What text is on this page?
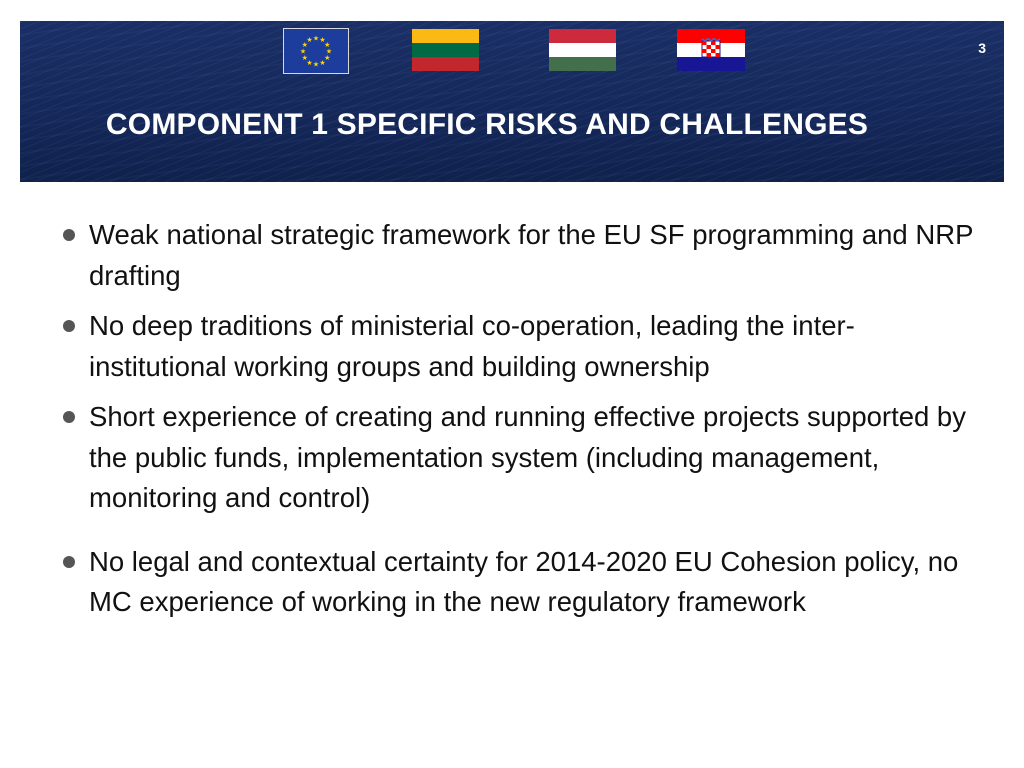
★ ★
★
★
★
★
★
★
★
★
★
★	3
COMPONENT 1 SPECIFIC RISKS AND CHALLENGES
Weak national strategic framework for the EU SF programming and NRP drafting
No deep traditions of ministerial co-operation, leading the inter-institutional working groups and building ownership
Short experience of creating and running effective projects supported by the public funds, implementation system (including management, monitoring and control)
No legal and contextual certainty for 2014-2020 EU Cohesion policy, no MC experience of working in the new regulatory framework
